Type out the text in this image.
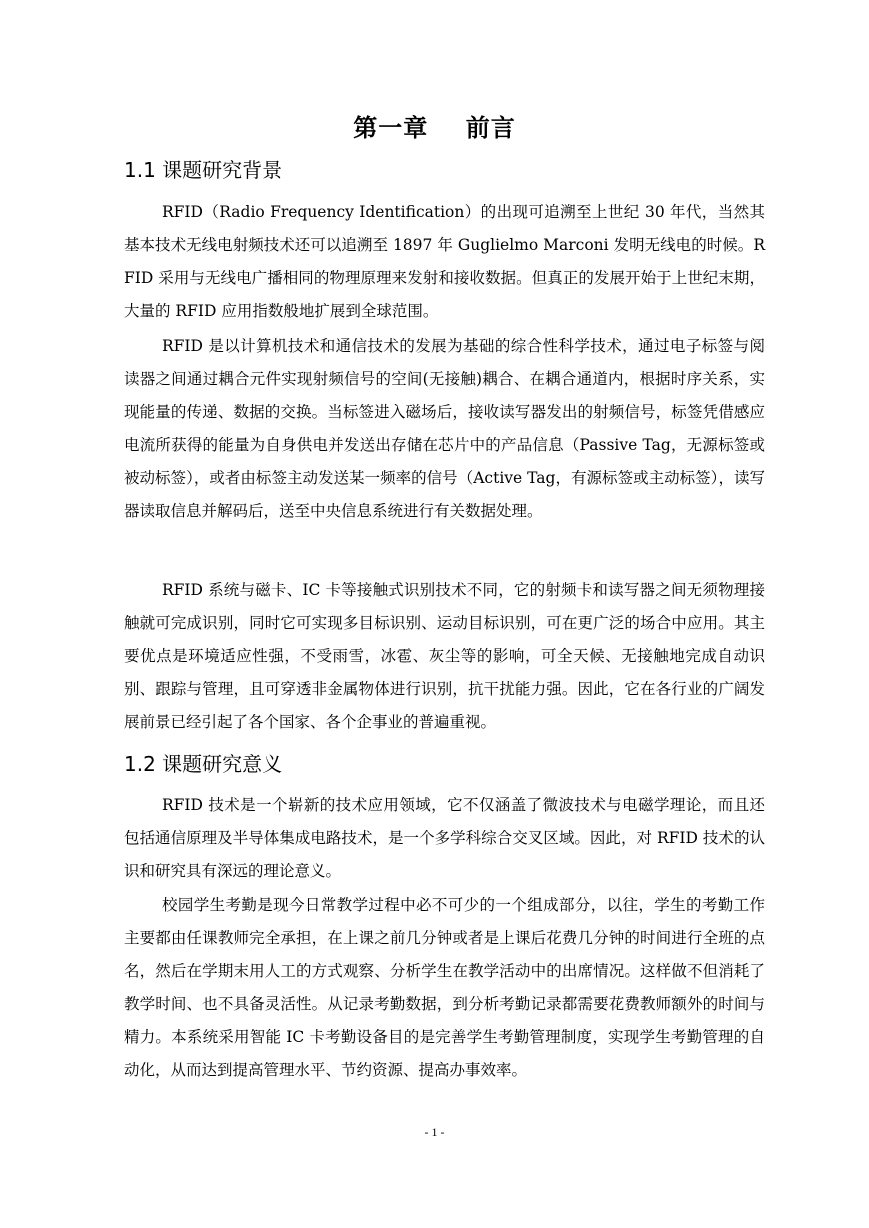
第一章    前言
1.1 课题研究背景

RFID（Radio Frequency Identification）的出现可追溯至上世纪 30 年代，当然其基本技术无线电射频技术还可以追溯至 1897 年 Guglielmo Marconi 发明无线电的时候。RFID 采用与无线电广播相同的物理原理来发射和接收数据。但真正的发展开始于上世纪末期，大量的 RFID 应用指数般地扩展到全球范围。

RFID 是以计算机技术和通信技术的发展为基础的综合性科学技术，通过电子标签与阅读器之间通过耦合元件实现射频信号的空间(无接触)耦合、在耦合通道内，根据时序关系，实现能量的传递、数据的交换。当标签进入磁场后，接收读写器发出的射频信号，标签凭借感应电流所获得的能量为自身供电并发送出存储在芯片中的产品信息（Passive Tag，无源标签或被动标签），或者由标签主动发送某一频率的信号（Active Tag，有源标签或主动标签），读写器读取信息并解码后，送至中央信息系统进行有关数据处理。

RFID 系统与磁卡、IC 卡等接触式识别技术不同，它的射频卡和读写器之间无须物理接触就可完成识别，同时它可实现多目标识别、运动目标识别，可在更广泛的场合中应用。其主要优点是环境适应性强，不受雨雪，冰雹、灰尘等的影响，可全天候、无接触地完成自动识别、跟踪与管理，且可穿透非金属物体进行识别，抗干扰能力强。因此，它在各行业的广阔发展前景已经引起了各个国家、各个企事业的普遍重视。

1.2 课题研究意义

RFID 技术是一个崭新的技术应用领域，它不仅涵盖了微波技术与电磁学理论，而且还包括通信原理及半导体集成电路技术，是一个多学科综合交叉区域。因此，对 RFID 技术的认识和研究具有深远的理论意义。

校园学生考勤是现今日常教学过程中必不可少的一个组成部分，以往，学生的考勤工作主要都由任课教师完全承担，在上课之前几分钟或者是上课后花费几分钟的时间进行全班的点名，然后在学期末用人工的方式观察、分析学生在教学活动中的出席情况。这样做不但消耗了教学时间、也不具备灵活性。从记录考勤数据，到分析考勤记录都需要花费教师额外的时间与精力。本系统采用智能 IC 卡考勤设备目的是完善学生考勤管理制度，实现学生考勤管理的自动化，从而达到提高管理水平、节约资源、提高办事效率。

- 1 -
